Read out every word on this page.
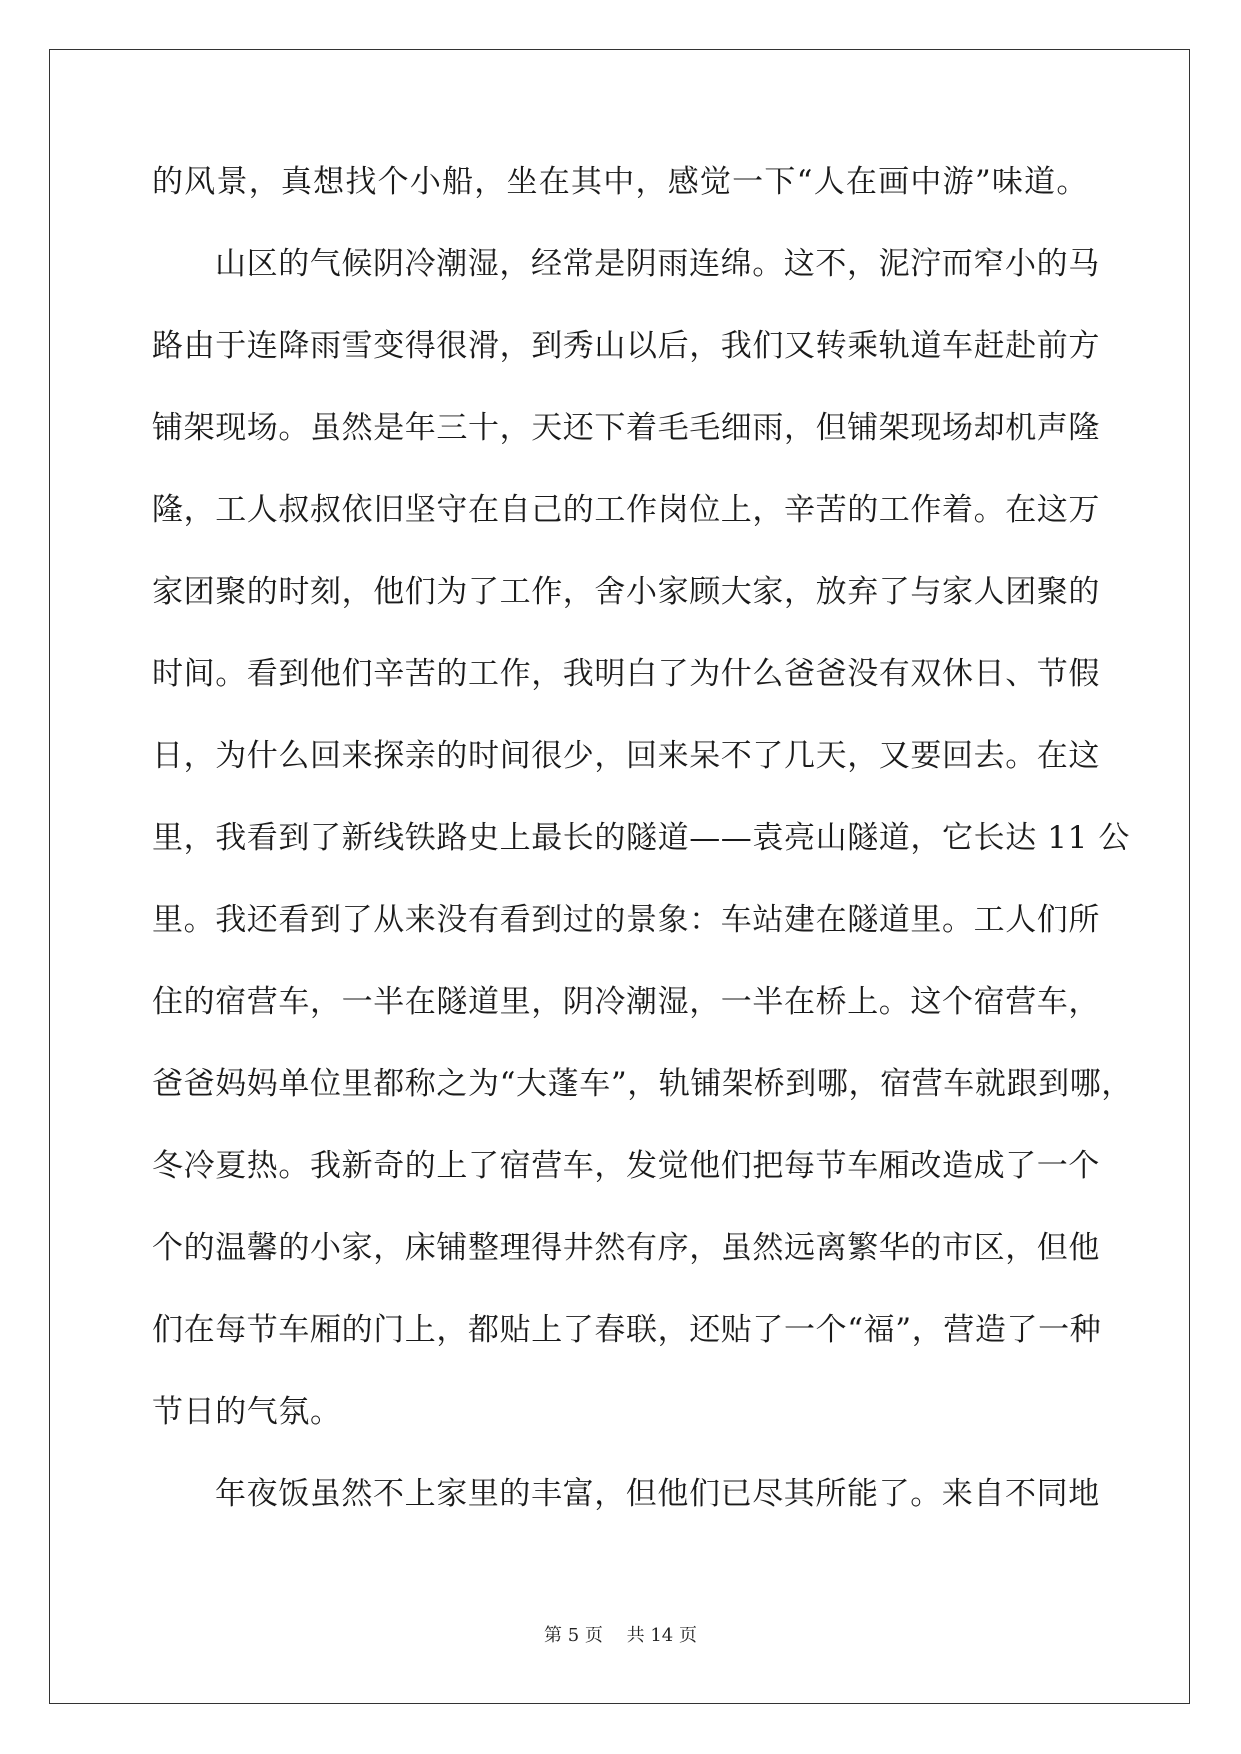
的风景，真想找个小船，坐在其中，感觉一下“人在画中游”味道。
山区的气候阴冷潮湿，经常是阴雨连绵。这不，泥泞而窄小的马
路由于连降雨雪变得很滑，到秀山以后，我们又转乘轨道车赶赴前方
铺架现场。虽然是年三十，天还下着毛毛细雨，但铺架现场却机声隆
隆，工人叔叔依旧坚守在自己的工作岗位上，辛苦的工作着。在这万
家团聚的时刻，他们为了工作，舍小家顾大家，放弃了与家人团聚的
时间。看到他们辛苦的工作，我明白了为什么爸爸没有双休日、节假
日，为什么回来探亲的时间很少，回来呆不了几天，又要回去。在这
里，我看到了新线铁路史上最长的隧道——袁亮山隧道，它长达 11 公
里。我还看到了从来没有看到过的景象：车站建在隧道里。工人们所
住的宿营车，一半在隧道里，阴冷潮湿，一半在桥上。这个宿营车，
爸爸妈妈单位里都称之为“大蓬车”，轨铺架桥到哪，宿营车就跟到哪，
冬冷夏热。我新奇的上了宿营车，发觉他们把每节车厢改造成了一个
个的温馨的小家，床铺整理得井然有序，虽然远离繁华的市区，但他
们在每节车厢的门上，都贴上了春联，还贴了一个“福”，营造了一种
节日的气氛。
年夜饭虽然不上家里的丰富，但他们已尽其所能了。来自不同地
第 5 页　 共 14 页
